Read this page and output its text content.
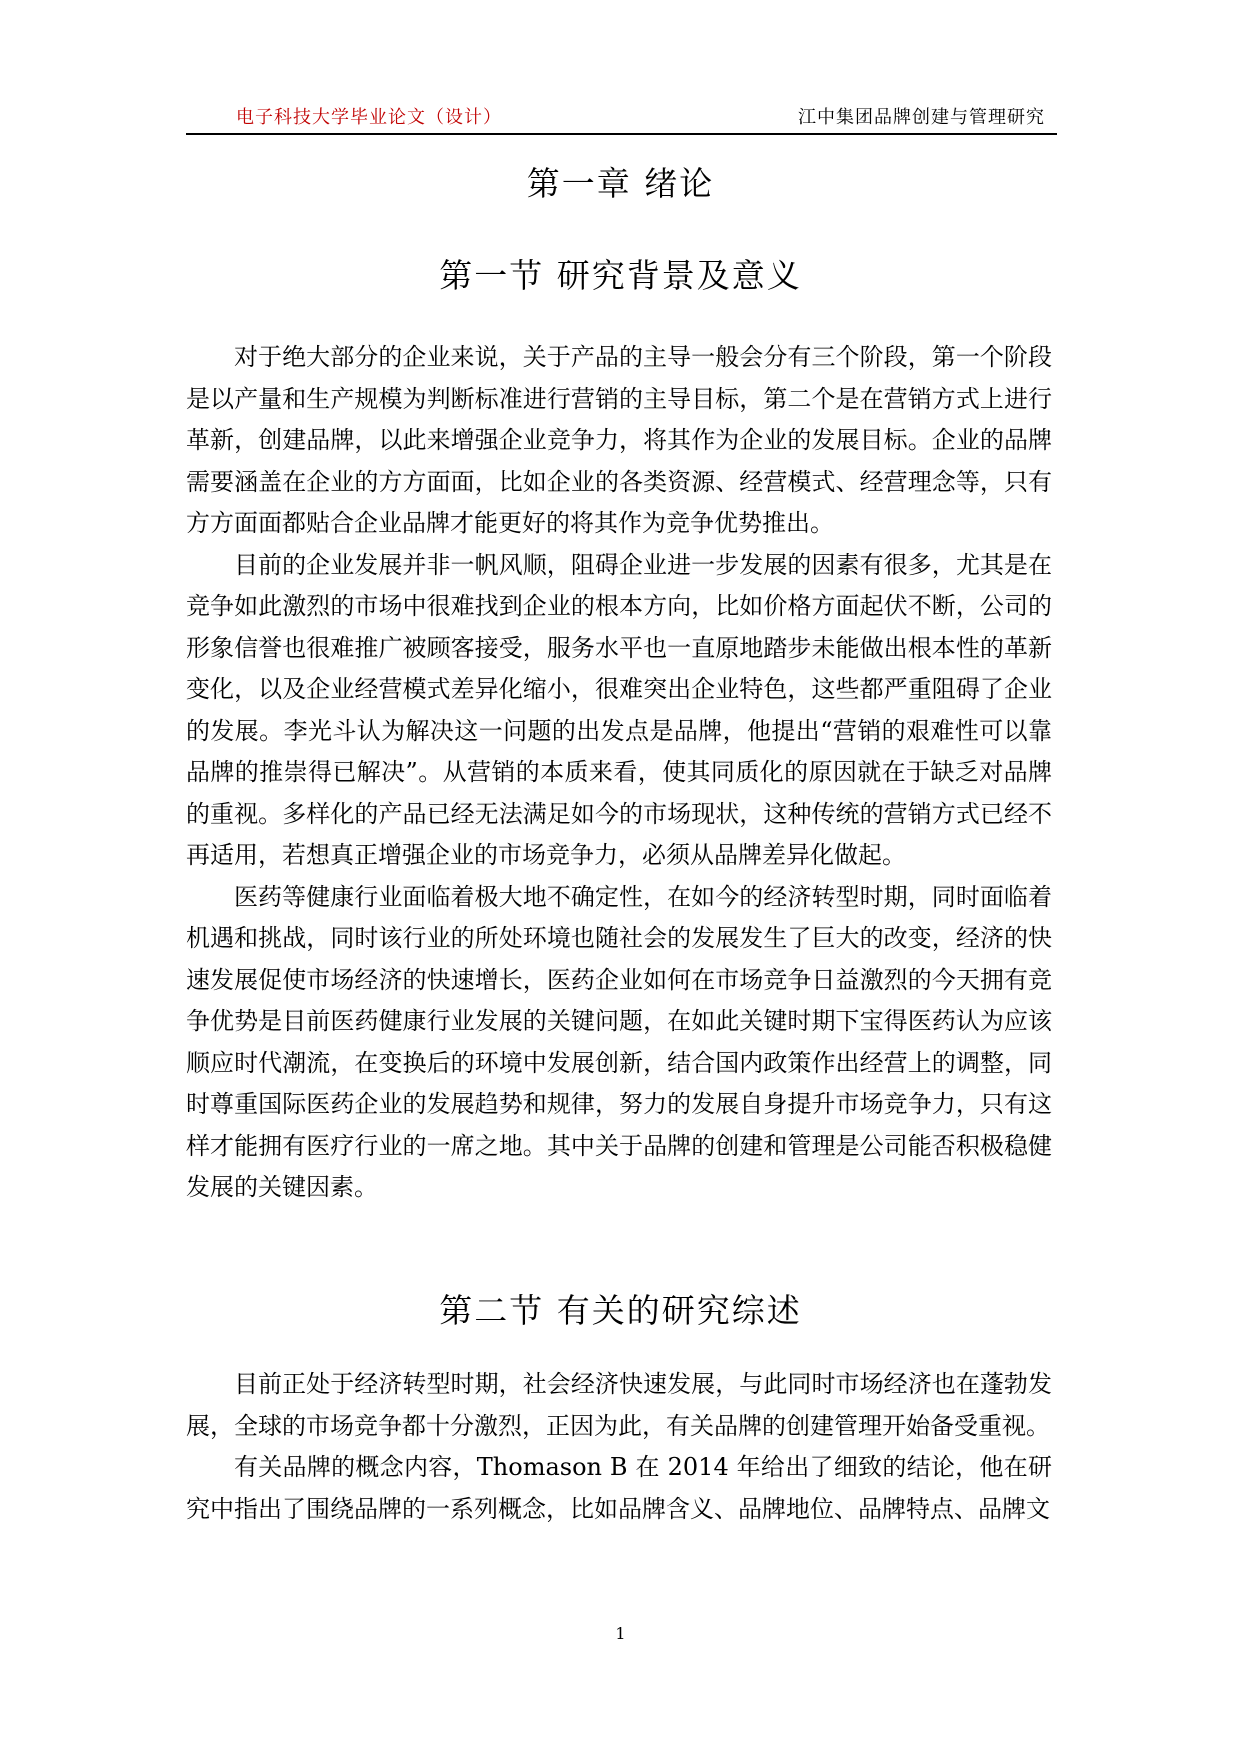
电子科技大学毕业论文（设计）	江中集团品牌创建与管理研究
第一章 绪论
第一节 研究背景及意义

对于绝大部分的企业来说，关于产品的主导一般会分有三个阶段，第一个阶段是以产量和生产规模为判断标准进行营销的主导目标，第二个是在营销方式上进行革新，创建品牌，以此来增强企业竞争力，将其作为企业的发展目标。企业的品牌需要涵盖在企业的方方面面，比如企业的各类资源、经营模式、经营理念等，只有方方面面都贴合企业品牌才能更好的将其作为竞争优势推出。

目前的企业发展并非一帆风顺，阻碍企业进一步发展的因素有很多，尤其是在竞争如此激烈的市场中很难找到企业的根本方向，比如价格方面起伏不断，公司的形象信誉也很难推广被顾客接受，服务水平也一直原地踏步未能做出根本性的革新变化，以及企业经营模式差异化缩小，很难突出企业特色，这些都严重阻碍了企业的发展。李光斗认为解决这一问题的出发点是品牌，他提出“营销的艰难性可以靠品牌的推崇得已解决”。从营销的本质来看，使其同质化的原因就在于缺乏对品牌的重视。多样化的产品已经无法满足如今的市场现状，这种传统的营销方式已经不再适用，若想真正增强企业的市场竞争力，必须从品牌差异化做起。

医药等健康行业面临着极大地不确定性，在如今的经济转型时期，同时面临着机遇和挑战，同时该行业的所处环境也随社会的发展发生了巨大的改变，经济的快速发展促使市场经济的快速增长，医药企业如何在市场竞争日益激烈的今天拥有竞争优势是目前医药健康行业发展的关键问题，在如此关键时期下宝得医药认为应该顺应时代潮流，在变换后的环境中发展创新，结合国内政策作出经营上的调整，同时尊重国际医药企业的发展趋势和规律，努力的发展自身提升市场竞争力，只有这样才能拥有医疗行业的一席之地。其中关于品牌的创建和管理是公司能否积极稳健发展的关键因素。

第二节 有关的研究综述

目前正处于经济转型时期，社会经济快速发展，与此同时市场经济也在蓬勃发展，全球的市场竞争都十分激烈，正因为此，有关品牌的创建管理开始备受重视。

有关品牌的概念内容，Thomason B 在 2014 年给出了细致的结论，他在研究中指出了围绕品牌的一系列概念，比如品牌含义、品牌地位、品牌特点、品牌文

1
